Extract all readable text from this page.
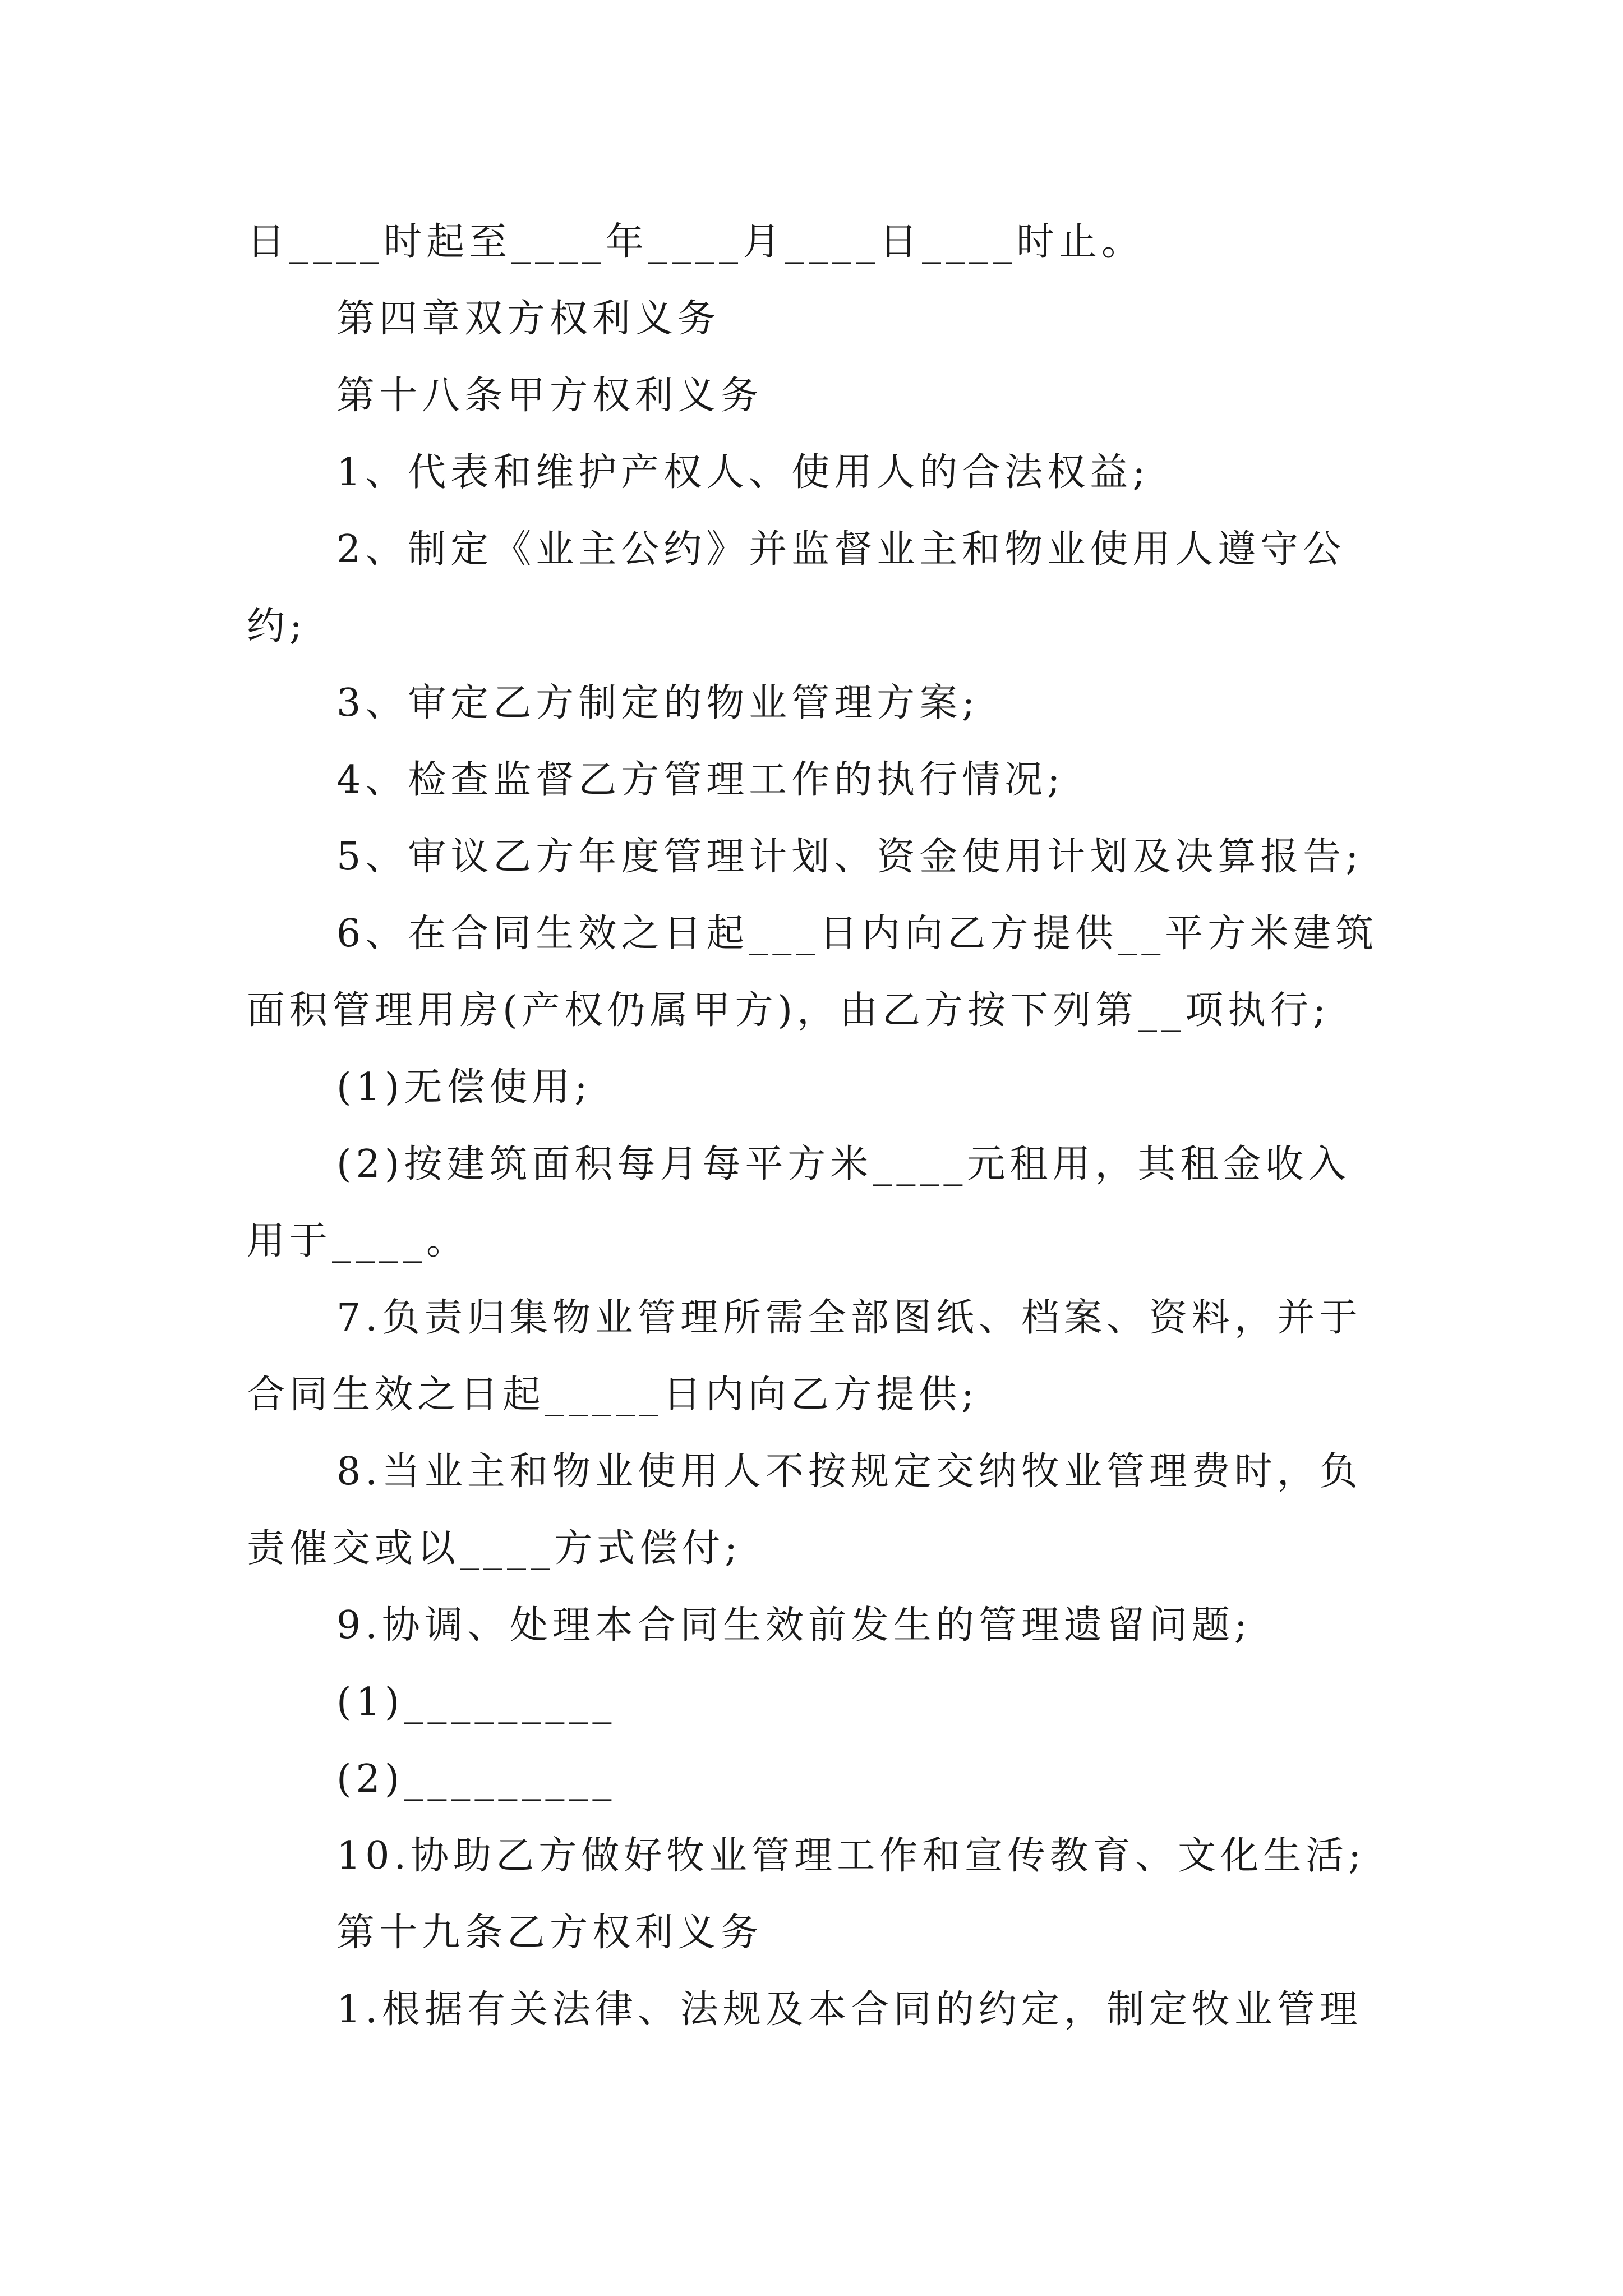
日____时起至____年____月____日____时止。

第四章双方权利义务

第十八条甲方权利义务

1、代表和维护产权人、使用人的合法权益;

2、制定《业主公约》并监督业主和物业使用人遵守公

约;

3、审定乙方制定的物业管理方案;

4、检查监督乙方管理工作的执行情况;

5、审议乙方年度管理计划、资金使用计划及决算报告;

6、在合同生效之日起___日内向乙方提供__平方米建筑

面积管理用房(产权仍属甲方)，由乙方按下列第__项执行;

(1)无偿使用;

(2)按建筑面积每月每平方米____元租用，其租金收入

用于____。

7.负责归集物业管理所需全部图纸、档案、资料，并于

合同生效之日起_____日内向乙方提供;

8.当业主和物业使用人不按规定交纳牧业管理费时，负

责催交或以____方式偿付;

9.协调、处理本合同生效前发生的管理遗留问题;

(1)_________

(2)_________

10.协助乙方做好牧业管理工作和宣传教育、文化生活;

第十九条乙方权利义务

1.根据有关法律、法规及本合同的约定，制定牧业管理
